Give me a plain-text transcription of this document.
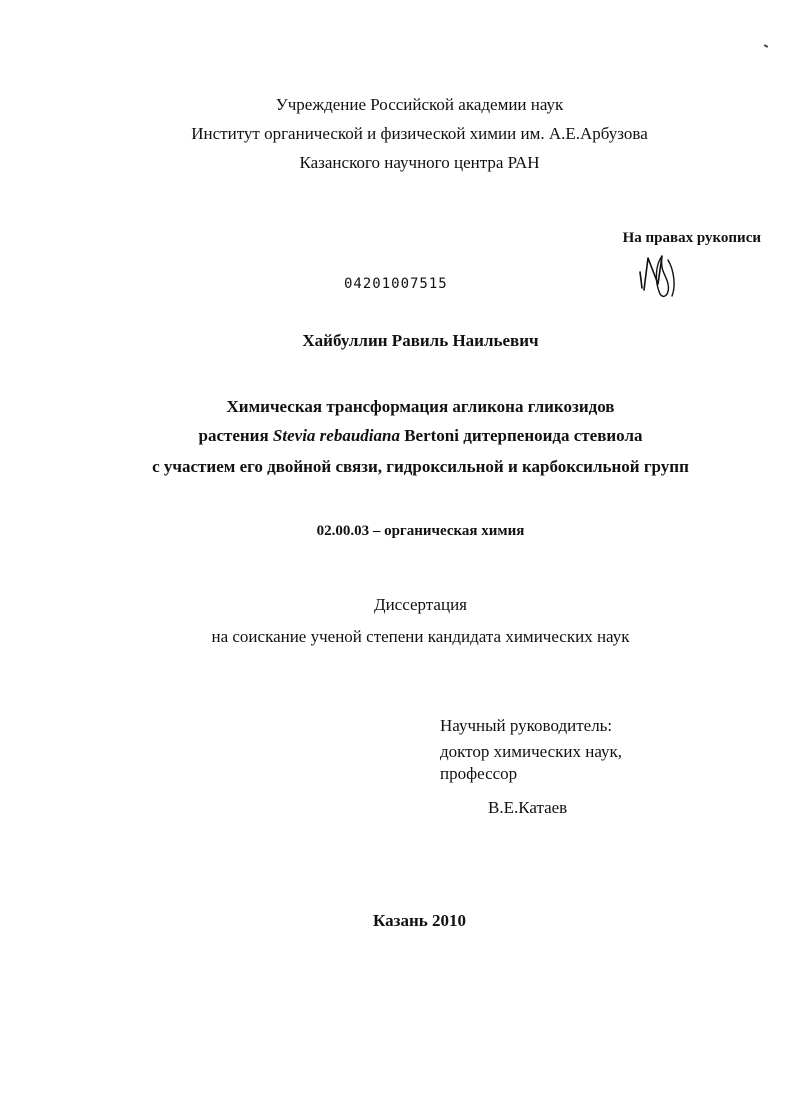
Учреждение Российской академии наук
Институт органической и физической химии им. А.Е.Арбузова
Казанского научного центра РАН
На правах рукописи
04201007515
Хайбуллин Равиль Наильевич
Химическая трансформация агликона гликозидов
растения Stevia rebaudiana Bertoni дитерпеноида стевиола
с участием его двойной связи, гидроксильной и карбоксильной групп
02.00.03 – органическая химия
Диссертация
на соискание ученой степени кандидата химических наук
Научный руководитель:
доктор химических наук,
профессор
В.Е.Катаев
Казань 2010
